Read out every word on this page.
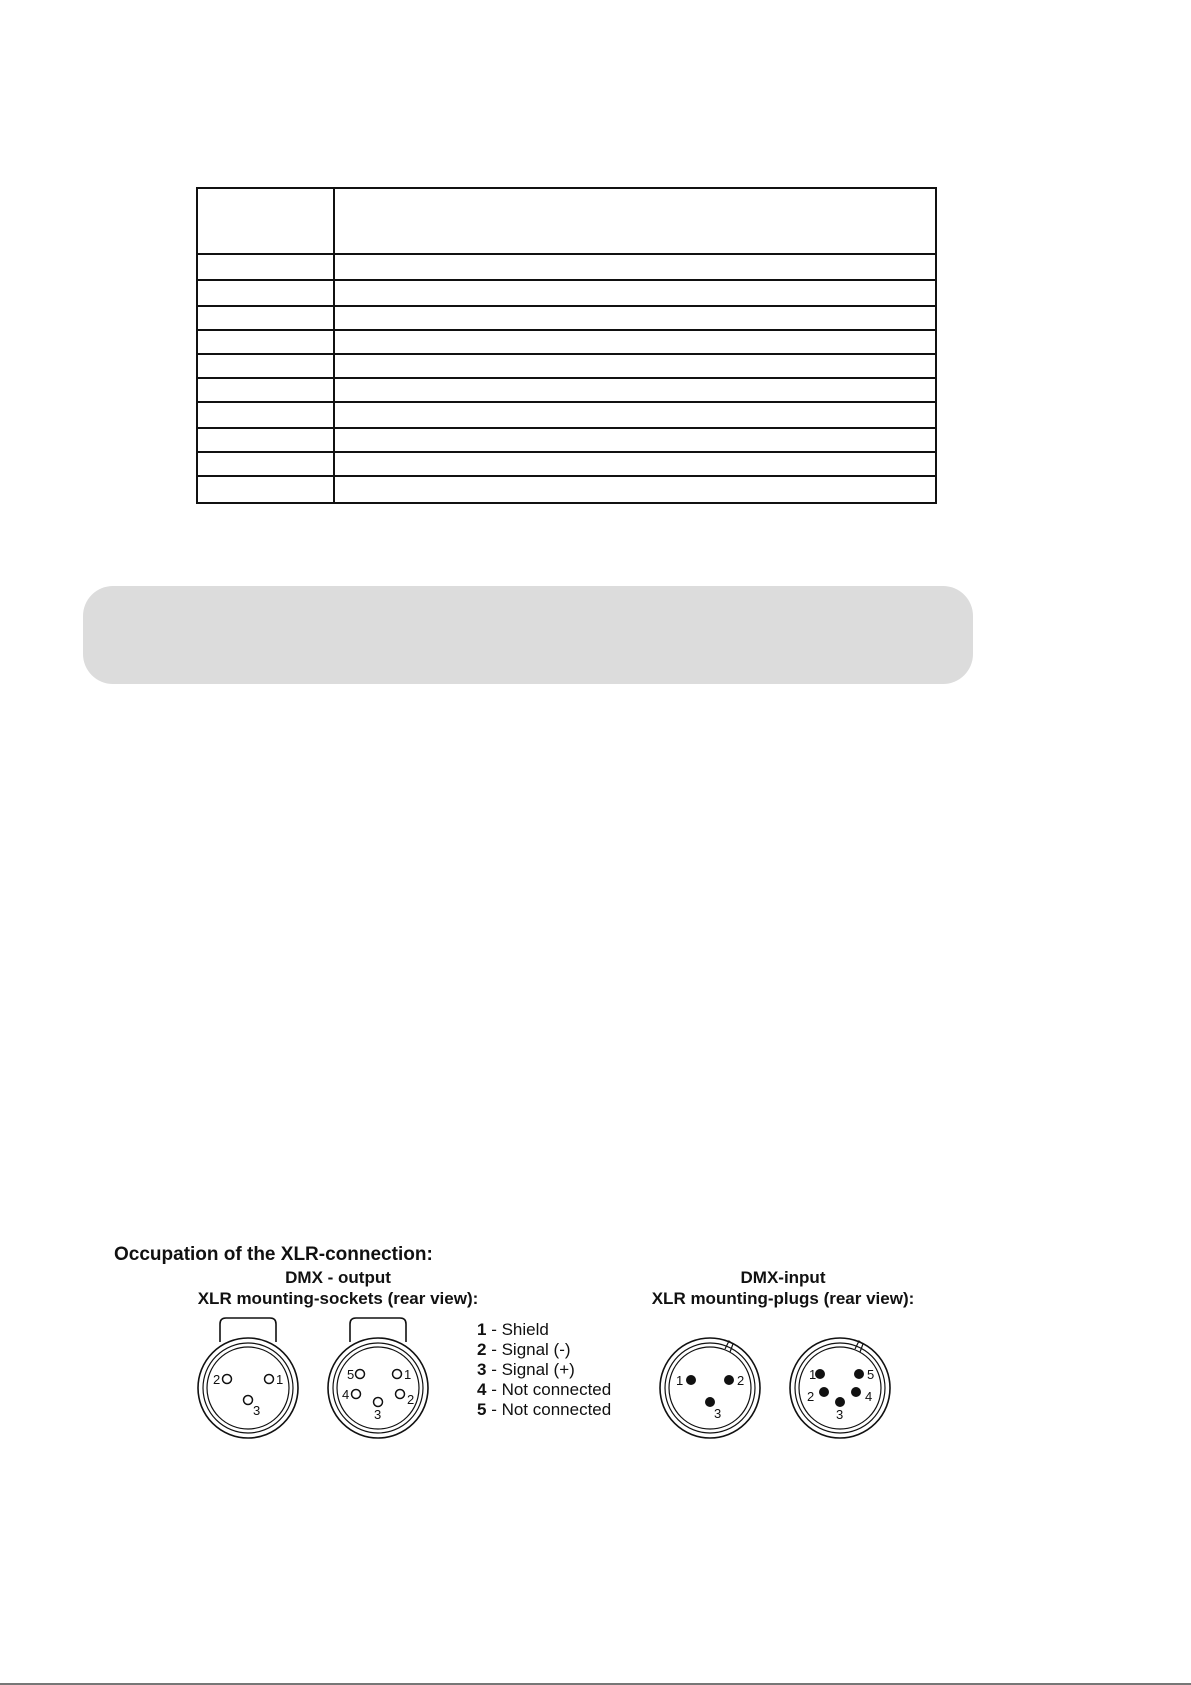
Occupation of the XLR-connection:
DMX - output
XLR mounting-sockets (rear view):
DMX-input
XLR mounting-plugs (rear view):
1 - Shield
2 - Signal (-)
3 - Signal (+)
4 - Not connected
5 - Not connected
2	1
3
5	1
4
3
2
1	2
3
1	5
2	4
3
